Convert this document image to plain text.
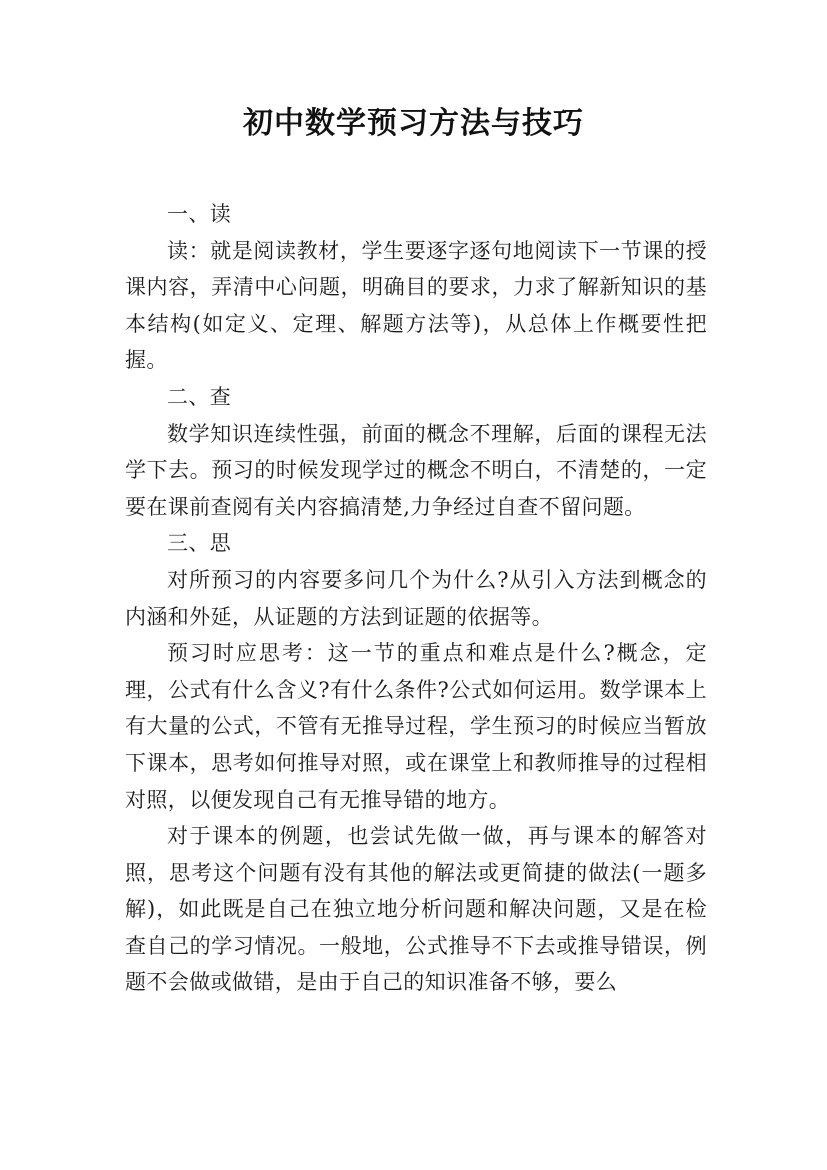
初中数学预习方法与技巧

一、读

读：就是阅读教材，学生要逐字逐句地阅读下一节课的授课内容，弄清中心问题，明确目的要求，力求了解新知识的基本结构(如定义、定理、解题方法等)，从总体上作概要性把握。

二、查

数学知识连续性强，前面的概念不理解，后面的课程无法学下去。预习的时候发现学过的概念不明白，不清楚的，一定要在课前查阅有关内容搞清楚,力争经过自查不留问题。

三、思

对所预习的内容要多问几个为什么?从引入方法到概念的内涵和外延，从证题的方法到证题的依据等。

预习时应思考：这一节的重点和难点是什么?概念，定理，公式有什么含义?有什么条件?公式如何运用。数学课本上有大量的公式，不管有无推导过程，学生预习的时候应当暂放下课本，思考如何推导对照，或在课堂上和教师推导的过程相对照，以便发现自己有无推导错的地方。

对于课本的例题，也尝试先做一做，再与课本的解答对照，思考这个问题有没有其他的解法或更简捷的做法(一题多解)，如此既是自己在独立地分析问题和解决问题，又是在检查自己的学习情况。一般地，公式推导不下去或推导错误，例题不会做或做错，是由于自己的知识准备不够，要么
